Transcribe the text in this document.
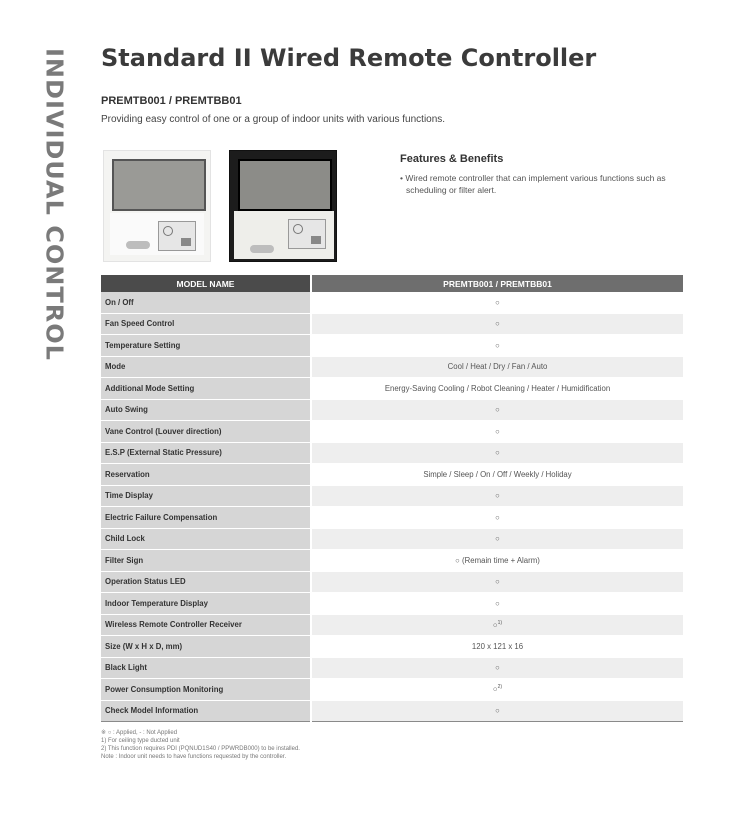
INDIVIDUAL CONTROL Standard II Wired Remote Controller
PREMTB001 / PREMTBB01
Providing easy control of one or a group of indoor units with various functions.
Features & Benefits
• Wired remote controller that can implement various functions such as scheduling or filter alert.
MODEL NAME	PREMTB001 / PREMTBB01
On / Off	○
Fan Speed Control	○
Temperature Setting	○
Mode	Cool / Heat / Dry / Fan / Auto
Additional Mode Setting	Energy-Saving Cooling / Robot Cleaning / Heater / Humidification
Auto Swing	○
Vane Control (Louver direction)	○
E.S.P (External Static Pressure)	○
Reservation	Simple / Sleep / On / Off / Weekly / Holiday
Time Display	○
Electric Failure Compensation	○
Child Lock	○
Filter Sign	○ (Remain time + Alarm)
Operation Status LED	○
Indoor Temperature Display	○
Wireless Remote Controller Receiver	○$^{1)}$
Size (W x H x D, mm)	120 x 121 x 16
Black Light	○
Power Consumption Monitoring	○$^{2)}$
Check Model Information	○
※ ○ : Applied, - : Not Applied
1) For ceiling type ducted unit
2) This function requires PDI (PQNUD1S40 / PPWRDB000) to be installed.
Note : Indoor unit needs to have functions requested by the controller.
